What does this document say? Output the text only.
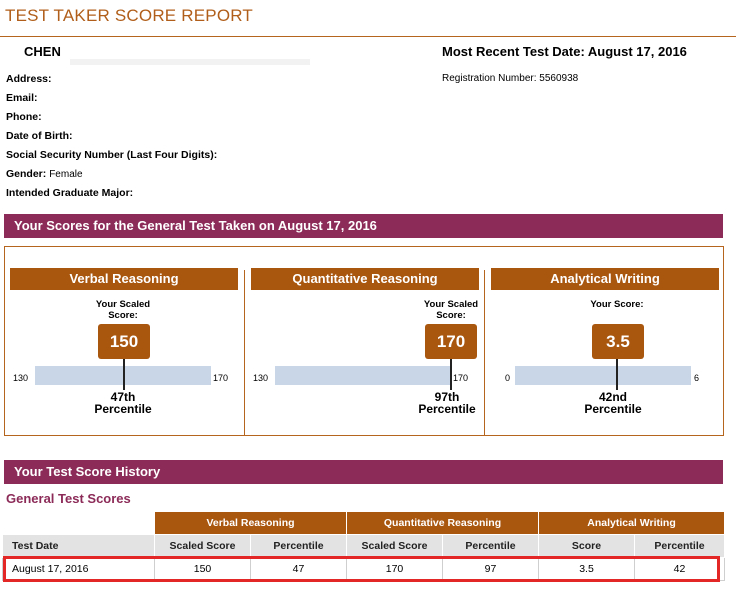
TEST TAKER SCORE REPORT
CHEN	Most Recent Test Date: August 17, 2016
Registration Number: 5560938
Address:
Email:
Phone:
Date of Birth:
Social Security Number (Last Four Digits):
Gender: Female
Intended Graduate Major:
Your Scores for the General Test Taken on August 17, 2016
Verbal Reasoning
Your Scaled Score:
150
130	170
47th
Percentile
Quantitative Reasoning
Your Scaled Score:
170
130	170
97th
Percentile
Analytical Writing
Your Score:
3.5
0	6
42nd
Percentile
Your Test Score History
General Test Scores
	Verbal Reasoning		Quantitative Reasoning		Analytical Writing	
Test Date	Scaled Score	Percentile	Scaled Score	Percentile	Score	Percentile
August 17, 2016	150	47	170	97	3.5	42
